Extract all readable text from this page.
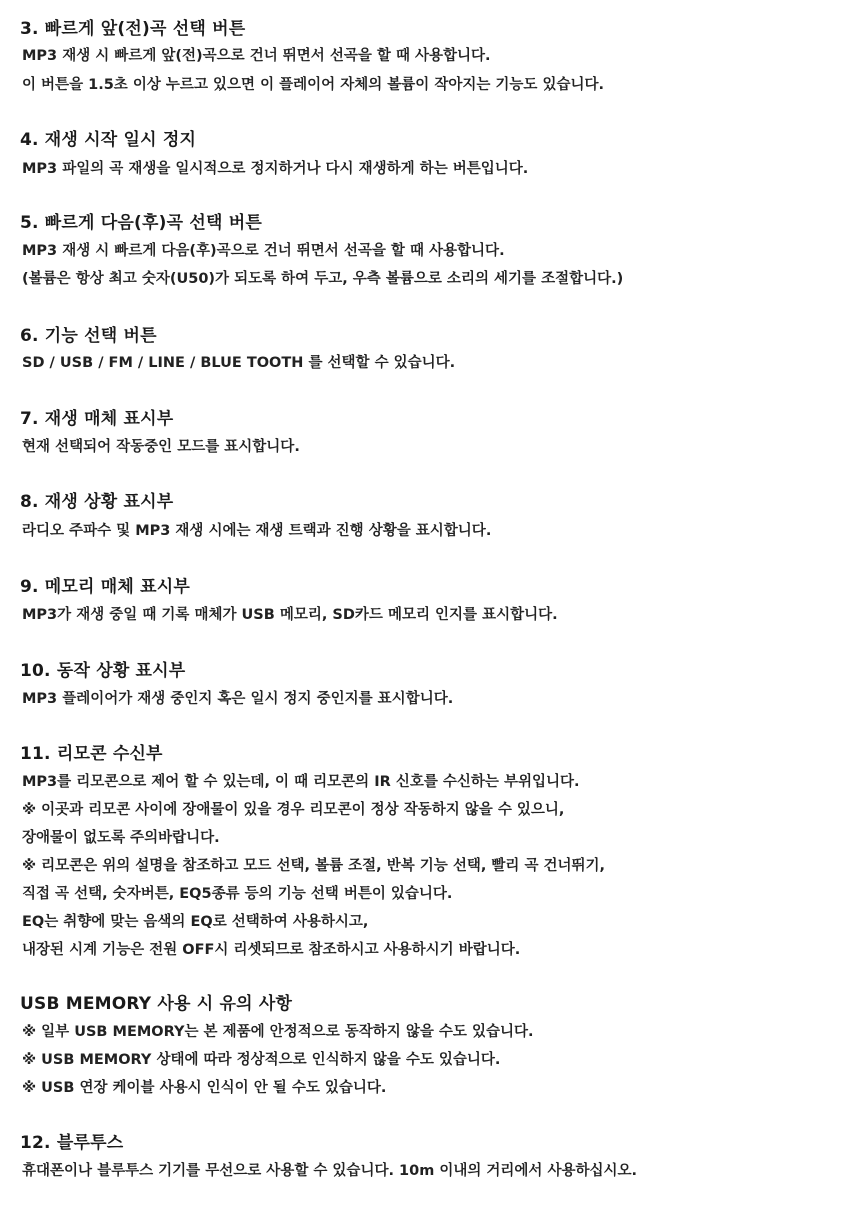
3. 빠르게 앞(전)곡 선택 버튼

MP3 재생 시 빠르게 앞(전)곡으로 건너 뛰면서 선곡을 할 때 사용합니다.

이 버튼을 1.5초 이상 누르고 있으면 이 플레이어 자체의 볼륨이 작아지는 기능도 있습니다.

4. 재생 시작 일시 정지

MP3 파일의 곡 재생을 일시적으로 정지하거나 다시 재생하게 하는 버튼입니다.

5. 빠르게 다음(후)곡 선택 버튼

MP3 재생 시 빠르게 다음(후)곡으로 건너 뛰면서 선곡을 할 때 사용합니다.

(볼륨은 항상 최고 숫자(U50)가 되도록 하여 두고, 우측 볼륨으로 소리의 세기를 조절합니다.)

6. 기능 선택 버튼

SD / USB / FM / LINE / BLUE TOOTH 를 선택할 수 있습니다.

7. 재생 매체 표시부

현재 선택되어 작동중인 모드를 표시합니다.

8. 재생 상황 표시부

라디오 주파수 및 MP3 재생 시에는 재생 트랙과 진행 상황을 표시합니다.

9. 메모리 매체 표시부

MP3가 재생 중일 때 기록 매체가 USB 메모리, SD카드 메모리 인지를 표시합니다.

10. 동작 상황 표시부

MP3 플레이어가 재생 중인지 혹은 일시 정지 중인지를 표시합니다.

11. 리모콘 수신부

MP3를 리모콘으로 제어 할 수 있는데, 이 때 리모콘의 IR 신호를 수신하는 부위입니다.

※ 이곳과 리모콘 사이에 장애물이 있을 경우 리모콘이 정상 작동하지 않을 수 있으니,

장애물이 없도록 주의바랍니다.

※ 리모콘은 위의 설명을 참조하고 모드 선택, 볼륨 조절, 반복 기능 선택, 빨리 곡 건너뛰기,

직접 곡 선택, 숫자버튼, EQ5종류 등의 기능 선택 버튼이 있습니다.

EQ는 취향에 맞는 음색의 EQ로 선택하여 사용하시고,

내장된 시계 기능은 전원 OFF시 리셋되므로 참조하시고 사용하시기 바랍니다.

USB MEMORY 사용 시 유의 사항

※ 일부 USB MEMORY는 본 제품에 안정적으로 동작하지 않을 수도 있습니다.

※ USB MEMORY 상태에 따라 정상적으로 인식하지 않을 수도 있습니다.

※ USB 연장 케이블 사용시 인식이 안 될 수도 있습니다.

12. 블루투스

휴대폰이나 블루투스 기기를 무선으로 사용할 수 있습니다. 10m 이내의 거리에서 사용하십시오.
